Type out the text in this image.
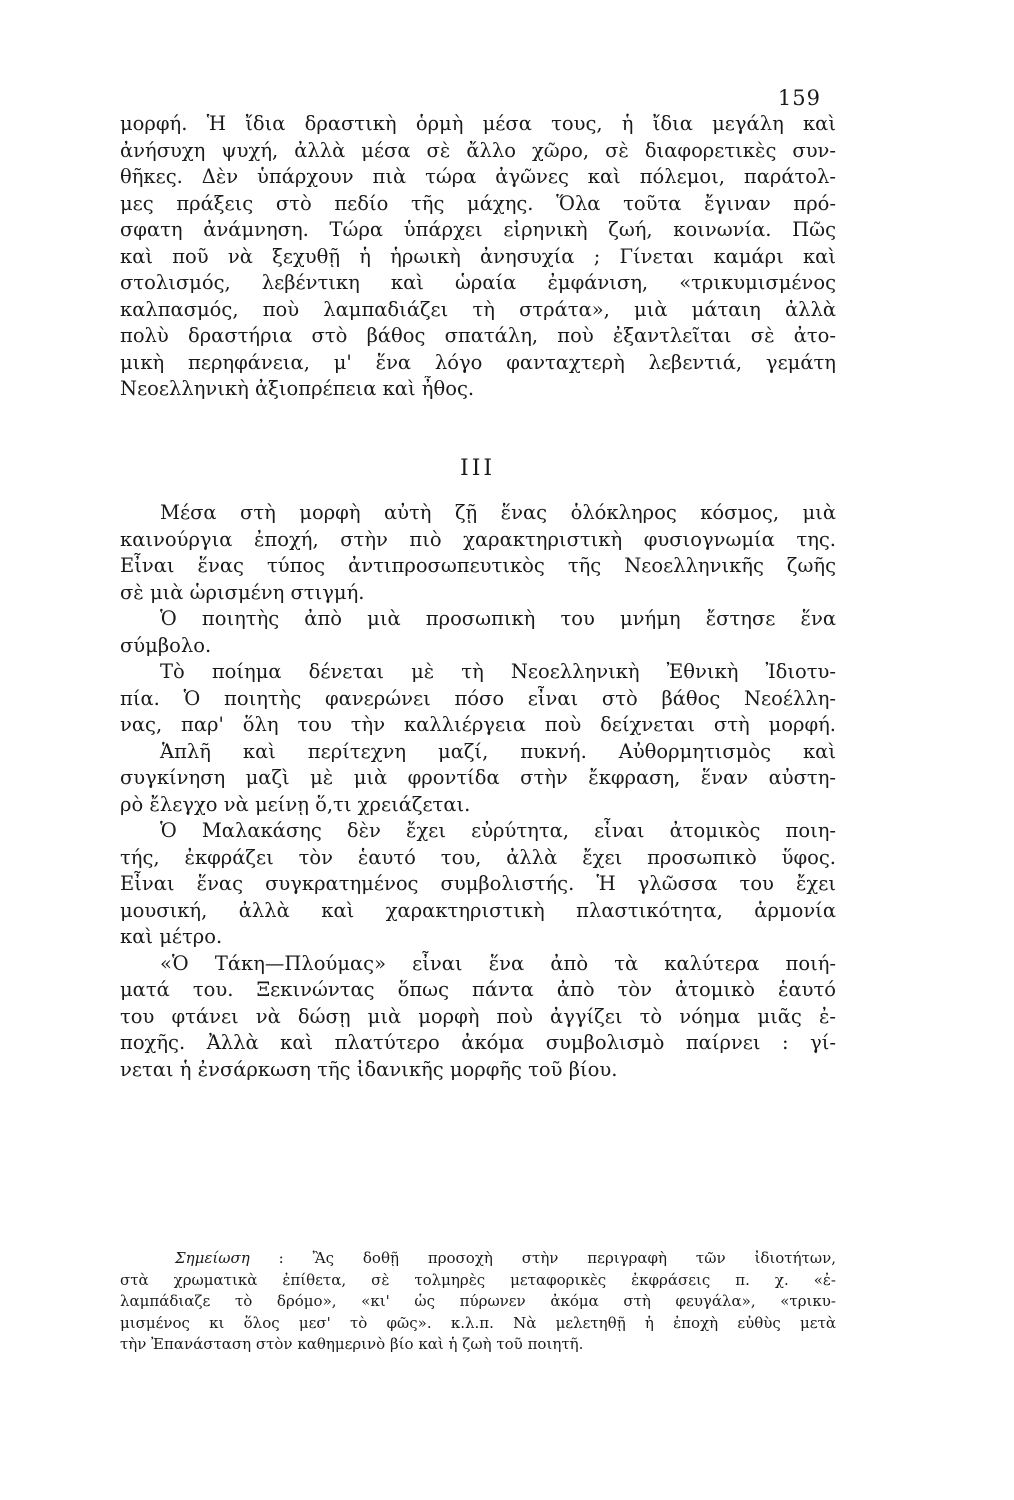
159
μορφή. Ἡ ἴδια δραστικὴ ὁρμὴ μέσα τους, ἡ ἴδια μεγάλη καὶ
ἀνήσυχη ψυχή, ἀλλὰ μέσα σὲ ἄλλο χῶρο, σὲ διαφορετικὲς συν-
θῆκες. Δὲν ὑπάρχουν πιὰ τώρα ἀγῶνες καὶ πόλεμοι, παράτολ-
μες πράξεις στὸ πεδίο τῆς μάχης. Ὅλα τοῦτα ἔγιναν πρό-
σφατη ἀνάμνηση. Τώρα ὑπάρχει εἰρηνικὴ ζωή, κοινωνία. Πῶς
καὶ ποῦ νὰ ξεχυθῇ ἡ ἡρωικὴ ἀνησυχία ; Γίνεται καμάρι καὶ
στολισμός, λεβέντικη καὶ ὡραία ἐμφάνιση, «τρικυμισμένος
καλπασμός, ποὺ λαμπαδιάζει τὴ στράτα», μιὰ μάταιη ἀλλὰ
πολὺ δραστήρια στὸ βάθος σπατάλη, ποὺ ἐξαντλεῖται σὲ ἀτο-
μικὴ περηφάνεια, μ' ἕνα λόγο φανταχτερὴ λεβεντιά, γεμάτη
Νεοελληνικὴ ἀξιοπρέπεια καὶ ἦθος.
III
Μέσα στὴ μορφὴ αὐτὴ ζῇ ἕνας ὁλόκληρος κόσμος, μιὰ
καινούργια ἐποχή, στὴν πιὸ χαρακτηριστικὴ φυσιογνωμία της.
Εἶναι ἕνας τύπος ἀντιπροσωπευτικὸς τῆς Νεοελληνικῆς ζωῆς
σὲ μιὰ ὡρισμένη στιγμή.
Ὁ ποιητὴς ἀπὸ μιὰ προσωπικὴ του μνήμη ἔστησε ἕνα
σύμβολο.
Τὸ ποίημα δένεται μὲ τὴ Νεοελληνικὴ Ἐθνικὴ Ἰδιοτυ-
πία. Ὁ ποιητὴς φανερώνει πόσο εἶναι στὸ βάθος Νεοέλλη-
νας, παρ' ὅλη του τὴν καλλιέργεια ποὺ δείχνεται στὴ μορφή.
Ἁπλῆ καὶ περίτεχνη μαζί, πυκνή. Αὐθορμητισμὸς καὶ
συγκίνηση μαζὶ μὲ μιὰ φροντίδα στὴν ἔκφραση, ἕναν αὐστη-
ρὸ ἔλεγχο νὰ μείνῃ ὅ,τι χρειάζεται.
Ὁ Μαλακάσης δὲν ἔχει εὐρύτητα, εἶναι ἀτομικὸς ποιη-
τής, ἐκφράζει τὸν ἑαυτό του, ἀλλὰ ἔχει προσωπικὸ ὕφος.
Εἶναι ἕνας συγκρατημένος συμβολιστής. Ἡ γλῶσσα του ἔχει
μουσική, ἀλλὰ καὶ χαρακτηριστικὴ πλαστικότητα, ἁρμονία
καὶ μέτρο.
«Ὁ Τάκη—Πλούμας» εἶναι ἕνα ἀπὸ τὰ καλύτερα ποιή-
ματά του. Ξεκινώντας ὅπως πάντα ἀπὸ τὸν ἀτομικὸ ἑαυτό
του φτάνει νὰ δώσῃ μιὰ μορφὴ ποὺ ἀγγίζει τὸ νόημα μιᾶς ἐ-
ποχῆς. Ἀλλὰ καὶ πλατύτερο ἀκόμα συμβολισμὸ παίρνει : γί-
νεται ἡ ἐνσάρκωση τῆς ἰδανικῆς μορφῆς τοῦ βίου.
Σημείωση : Ἂς δοθῇ προσοχὴ στὴν περιγραφὴ τῶν ἰδιοτήτων,
στὰ χρωματικὰ ἐπίθετα, σὲ τολμηρὲς μεταφορικὲς ἐκφράσεις π. χ. «ἐ-
λαμπάδιαζε τὸ δρόμο», «κι' ὡς πύρωνεν ἀκόμα στὴ φευγάλα», «τρικυ-
μισμένος κι ὅλος μεσ' τὸ φῶς». κ.λ.π. Νὰ μελετηθῇ ἡ ἐποχὴ εὐθὺς μετὰ
τὴν Ἐπανάσταση στὸν καθημερινὸ βίο καὶ ἡ ζωὴ τοῦ ποιητῆ.
